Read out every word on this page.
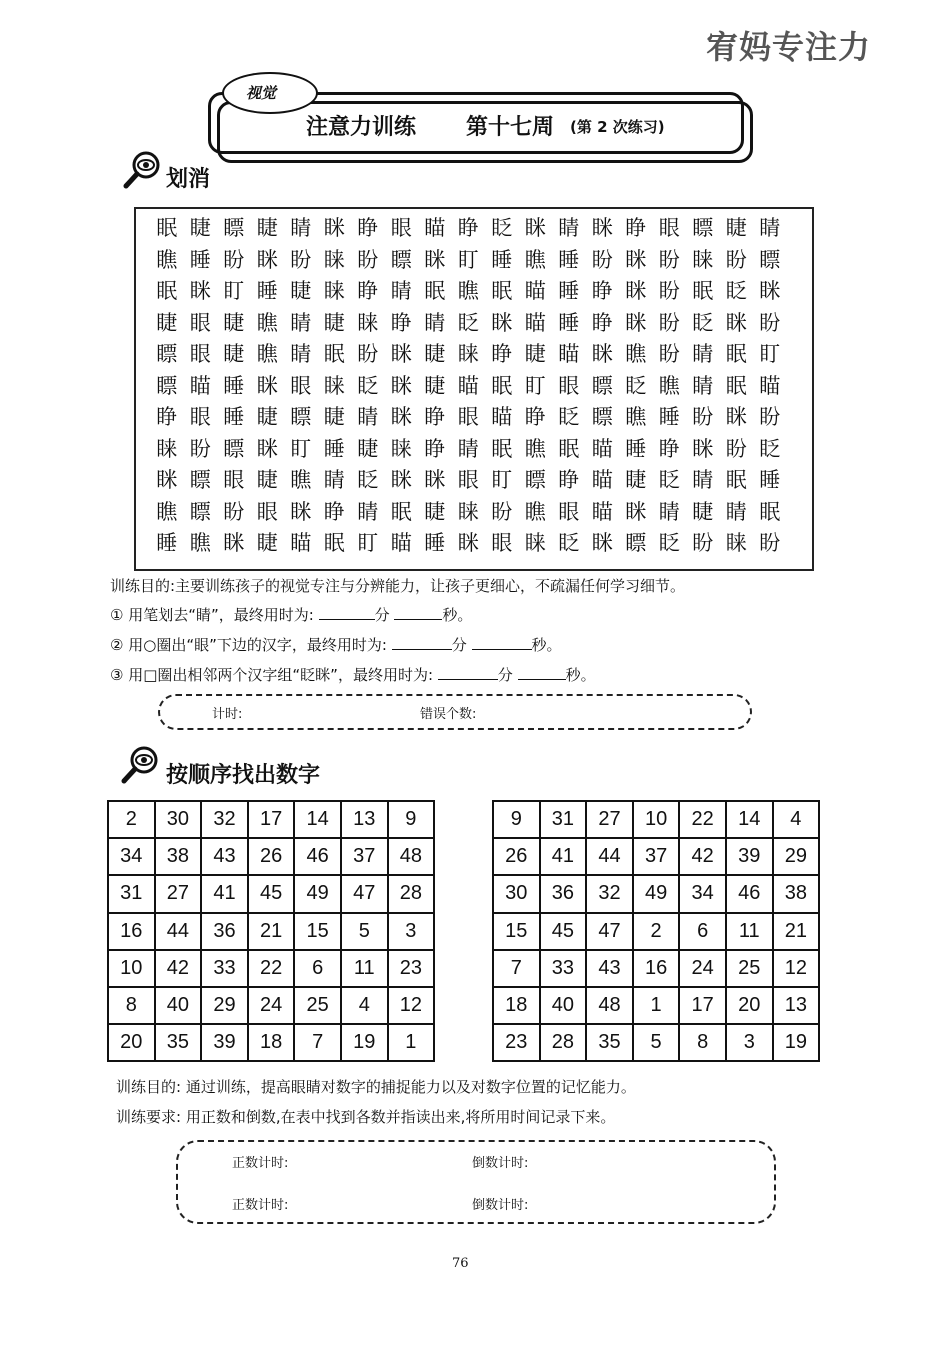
宥妈专注力
视觉
注意力训练 第十七周 (第 2 次练习)
划消
眠 睫 瞟 睫 睛 眯 睁 眼 瞄 睁 眨 眯 睛 眯 睁 眼 瞟 睫 睛
瞧 睡 盼 眯 盼 睐 盼 瞟 眯 盯 睡 瞧 睡 盼 眯 盼 睐 盼 瞟
眠 眯 盯 睡 睫 睐 睁 睛 眠 瞧 眠 瞄 睡 睁 眯 盼 眠 眨 眯
睫 眼 睫 瞧 睛 睫 睐 睁 睛 眨 眯 瞄 睡 睁 眯 盼 眨 眯 盼
瞟 眼 睫 瞧 睛 眠 盼 眯 睫 睐 睁 睫 瞄 眯 瞧 盼 睛 眠 盯
瞟 瞄 睡 眯 眼 睐 眨 眯 睫 瞄 眠 盯 眼 瞟 眨 瞧 睛 眠 瞄
睁 眼 睡 睫 瞟 睫 睛 眯 睁 眼 瞄 睁 眨 瞟 瞧 睡 盼 眯 盼
睐 盼 瞟 眯 盯 睡 睫 睐 睁 睛 眠 瞧 眠 瞄 睡 睁 眯 盼 眨
眯 瞟 眼 睫 瞧 睛 眨 眯 眯 眼 盯 瞟 睁 瞄 睫 眨 睛 眠 睡
瞧 瞟 盼 眼 眯 睁 睛 眠 睫 睐 盼 瞧 眼 瞄 眯 睛 睫 睛 眠
睡 瞧 眯 睫 瞄 眠 盯 瞄 睡 眯 眼 睐 眨 眯 瞟 眨 盼 睐 盼
训练目的:主要训练孩子的视觉专注与分辨能力，让孩子更细心，不疏漏任何学习细节。
① 用笔划去“睛”，最终用时为:	分	秒。
② 用○圈出“眼”下边的汉字，最终用时为:	分	秒。
③ 用□圈出相邻两个汉字组“眨眯”，最终用时为:	分	秒。
计时:	错误个数:
按顺序找出数字
2	30	32	17	14	13	9
34	38	43	26	46	37	48
31	27	41	45	49	47	28
16	44	36	21	15	5	3
10	42	33	22	6	11	23
8	40	29	24	25	4	12
20	35	39	18	7	19	1
9	31	27	10	22	14	4
26	41	44	37	42	39	29
30	36	32	49	34	46	38
15	45	47	2	6	11	21
7	33	43	16	24	25	12
18	40	48	1	17	20	13
23	28	35	5	8	3	19
训练目的: 通过训练，提高眼睛对数字的捕捉能力以及对数字位置的记忆能力。
训练要求: 用正数和倒数,在表中找到各数并指读出来,将所用时间记录下来。
正数计时:	倒数计时:
正数计时:	倒数计时:
76
